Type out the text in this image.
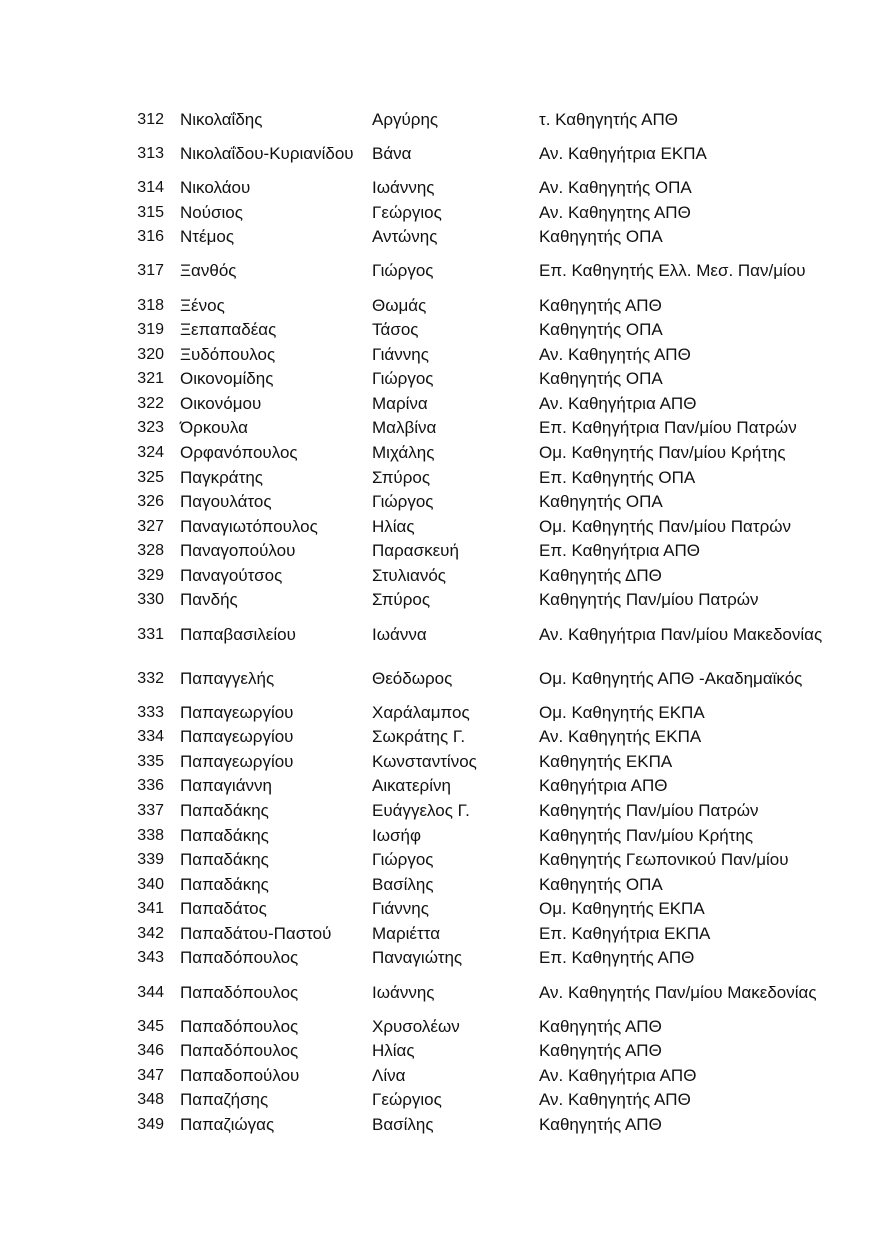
312	Νικολαΐδης	Αργύρης	τ. Καθηγητής ΑΠΘ
313	Νικολαΐδου-Κυριανίδου	Βάνα	Αν. Καθηγήτρια ΕΚΠΑ
314	Νικολάου	Ιωάννης	Αν. Καθηγητής ΟΠΑ
315	Νούσιος	Γεώργιος	Αν. Καθηγητης ΑΠΘ
316	Ντέμος	Αντώνης	Καθηγητής ΟΠΑ
317	Ξανθός	Γιώργος	Επ. Καθηγητής Ελλ. Μεσ. Παν/μίου
318	Ξένος	Θωμάς	Καθηγητής ΑΠΘ
319	Ξεπαπαδέας	Τάσος	Καθηγητής ΟΠΑ
320	Ξυδόπουλος	Γιάννης	Αν. Καθηγητής ΑΠΘ
321	Οικονομίδης	Γιώργος	Καθηγητής ΟΠΑ
322	Οικονόμου	Μαρίνα	Αν. Καθηγήτρια ΑΠΘ
323	Όρκουλα	Μαλβίνα	Επ. Καθηγήτρια Παν/μίου Πατρών
324	Ορφανόπουλος	Μιχάλης	Ομ. Καθηγητής Παν/μίου Κρήτης
325	Παγκράτης	Σπύρος	Επ. Καθηγητής ΟΠΑ
326	Παγουλάτος	Γιώργος	Καθηγητής ΟΠΑ
327	Παναγιωτόπουλος	Ηλίας	Ομ. Καθηγητής Παν/μίου Πατρών
328	Παναγοπούλου	Παρασκευή	Επ. Καθηγήτρια ΑΠΘ
329	Παναγούτσος	Στυλιανός	Καθηγητής ΔΠΘ
330	Πανδής	Σπύρος	Καθηγητής Παν/μίου Πατρών
331	Παπαβασιλείου	Ιωάννα	Αν. Καθηγήτρια Παν/μίου Μακεδονίας
332	Παπαγγελής	Θεόδωρος	Ομ. Καθηγητής ΑΠΘ -Ακαδημαϊκός
333	Παπαγεωργίου	Χαράλαμπος	Ομ. Καθηγητής ΕΚΠΑ
334	Παπαγεωργίου	Σωκράτης Γ.	Αν. Καθηγητής ΕΚΠΑ
335	Παπαγεωργίου	Κωνσταντίνος	Καθηγητής ΕΚΠΑ
336	Παπαγιάννη	Αικατερίνη	Καθηγήτρια ΑΠΘ
337	Παπαδάκης	Ευάγγελος Γ.	Καθηγητής Παν/μίου Πατρών
338	Παπαδάκης	Ιωσήφ	Καθηγητής Παν/μίου Κρήτης
339	Παπαδάκης	Γιώργος	Καθηγητής Γεωπονικού Παν/μίου
340	Παπαδάκης	Βασίλης	Καθηγητής ΟΠΑ
341	Παπαδάτος	Γιάννης	Ομ. Καθηγητής ΕΚΠΑ
342	Παπαδάτου-Παστού	Μαριέττα	Επ. Καθηγήτρια ΕΚΠΑ
343	Παπαδόπουλος	Παναγιώτης	Επ. Καθηγητής ΑΠΘ
344	Παπαδόπουλος	Ιωάννης	Αν. Καθηγητής Παν/μίου Μακεδονίας
345	Παπαδόπουλος	Χρυσολέων	Καθηγητής ΑΠΘ
346	Παπαδόπουλος	Ηλίας	Καθηγητής ΑΠΘ
347	Παπαδοπούλου	Λίνα	Αν. Καθηγήτρια ΑΠΘ
348	Παπαζήσης	Γεώργιος	Αν. Καθηγητής ΑΠΘ
349	Παπαζιώγας	Βασίλης	Καθηγητής ΑΠΘ
